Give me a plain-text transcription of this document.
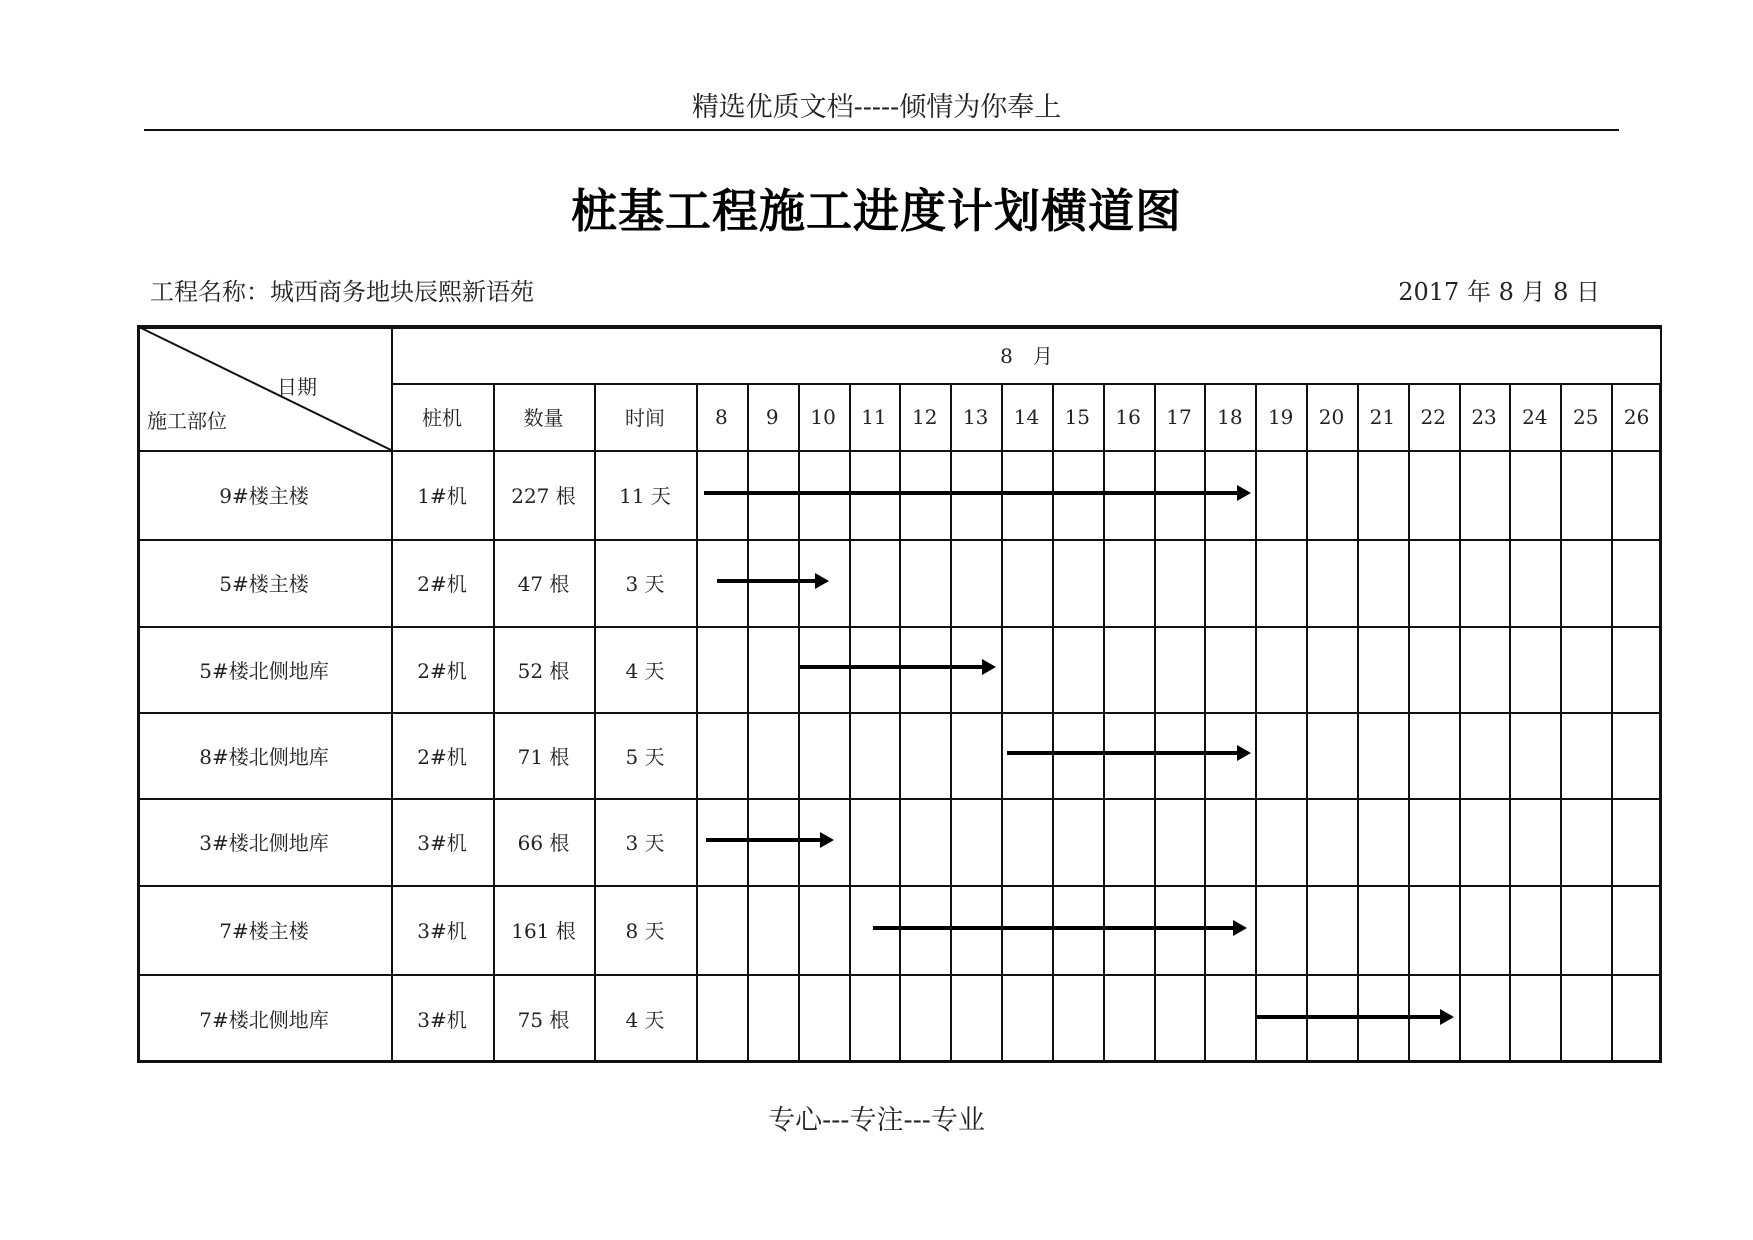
精选优质文档-----倾情为你奉上
桩基工程施工进度计划横道图
工程名称：城西商务地块辰熙新语苑	2017 年 8 月 8 日
日期
施工部位
8　月
桩机	数量	时间	8	9	10	11	12	13	14	15	16	17	18	19	20	21	22	23	24	25	26
9#楼主楼	1#机	227 根	11 天
5#楼主楼	2#机	47 根	3 天
5#楼北侧地库	2#机	52 根	4 天
8#楼北侧地库	2#机	71 根	5 天
3#楼北侧地库	3#机	66 根	3 天
7#楼主楼	3#机	161 根	8 天
7#楼北侧地库	3#机	75 根	4 天
专心---专注---专业
